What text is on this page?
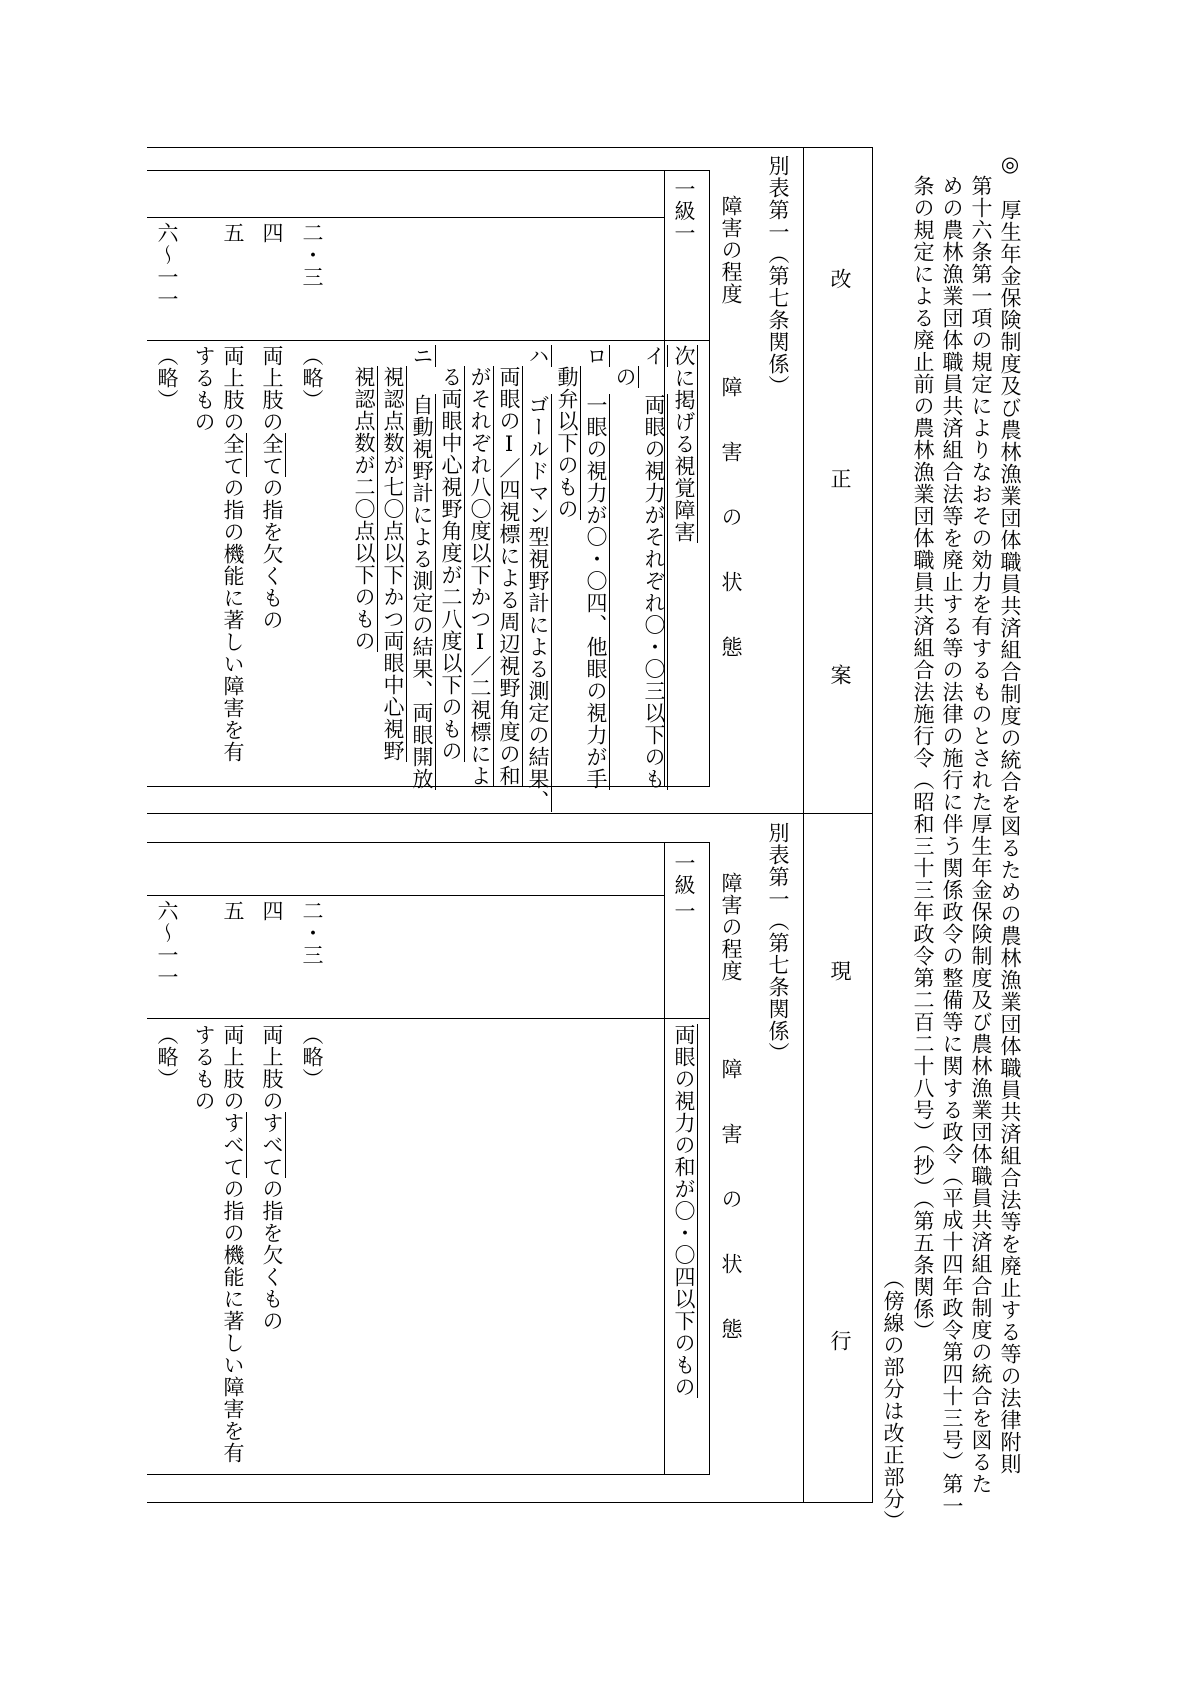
◎　厚生年金保険制度及び農林漁業団体職員共済組合制度の統合を図るための農林漁業団体職員共済組合法等を廃止する等の法律附則
第十六条第一項の規定によりなおその効力を有するものとされた厚生年金保険制度及び農林漁業団体職員共済組合制度の統合を図るた
めの農林漁業団体職員共済組合法等を廃止する等の法律の施行に伴う関係政令の整備等に関する政令（平成十四年政令第四十三号）第一
条の規定による廃止前の農林漁業団体職員共済組合法施行令（昭和三十三年政令第二百二十八号）（抄）（第五条関係）
（傍線の部分は改正部分）
改
正
案
現
行
別表第一（第七条関係）
障害の程度
障害の状態
一級
一
二・三
四
五
六〜一一
次に掲げる視覚障害
イ
両眼の視力がそれぞれ〇・〇三以下のも
の
ロ
一眼の視力が〇・〇四、他眼の視力が手
動弁以下のもの
ハ
ゴールドマン型視野計による測定の結果、
両眼のⅠ／四視標による周辺視野角度の和
がそれぞれ八〇度以下かつⅠ／二視標によ
る両眼中心視野角度が二八度以下のもの
ニ
自動視野計による測定の結果、両眼開放
視認点数が七〇点以下かつ両眼中心視野
視認点数が二〇点以下のもの
（略）
両上肢の全ての指を欠くもの
両上肢の全ての指の機能に著しい障害を有
するもの
（略）
別表第一（第七条関係）
障害の程度
障害の状態
一級
一
二・三
四
五
六〜一一
両眼の視力の和が〇・〇四以下のもの
（略）
両上肢のすべての指を欠くもの
両上肢のすべての指の機能に著しい障害を有
するもの
（略）
